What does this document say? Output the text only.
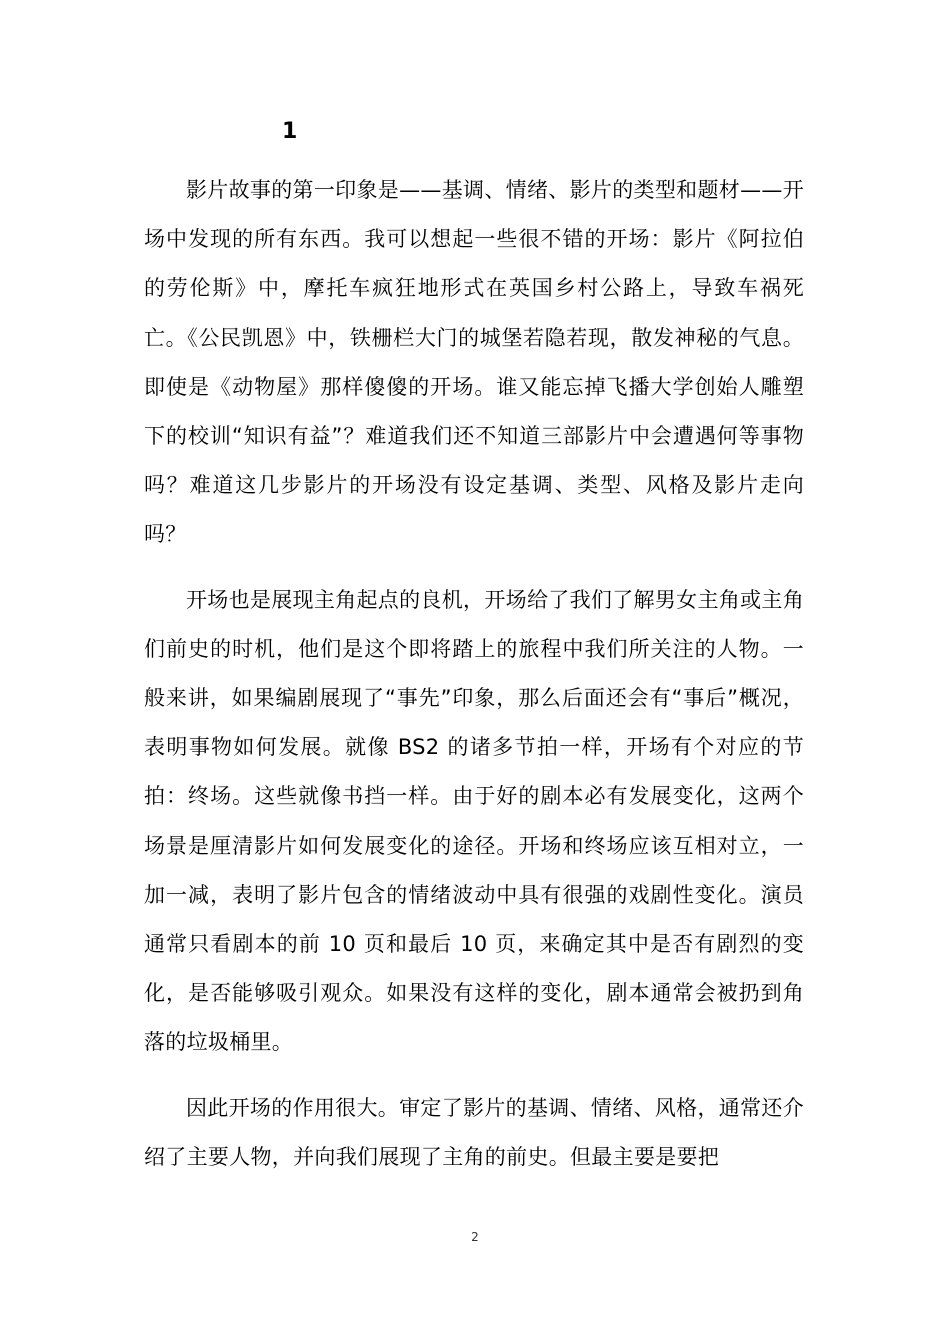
1

影片故事的第一印象是——基调、情绪、影片的类型和题材——开场中发现的所有东西。我可以想起一些很不错的开场：影片《阿拉伯的劳伦斯》中，摩托车疯狂地形式在英国乡村公路上，导致车祸死亡。《公民凯恩》中，铁栅栏大门的城堡若隐若现，散发神秘的气息。即使是《动物屋》那样傻傻的开场。谁又能忘掉飞播大学创始人雕塑下的校训“知识有益”？难道我们还不知道三部影片中会遭遇何等事物吗？难道这几步影片的开场没有设定基调、类型、风格及影片走向吗？

开场也是展现主角起点的良机，开场给了我们了解男女主角或主角们前史的时机，他们是这个即将踏上的旅程中我们所关注的人物。一般来讲，如果编剧展现了“事先”印象，那么后面还会有“事后”概况，表明事物如何发展。就像 BS2 的诸多节拍一样，开场有个对应的节拍：终场。这些就像书挡一样。由于好的剧本必有发展变化，这两个场景是厘清影片如何发展变化的途径。开场和终场应该互相对立，一加一减，表明了影片包含的情绪波动中具有很强的戏剧性变化。演员通常只看剧本的前 10 页和最后 10 页，来确定其中是否有剧烈的变化，是否能够吸引观众。如果没有这样的变化，剧本通常会被扔到角落的垃圾桶里。

因此开场的作用很大。审定了影片的基调、情绪、风格，通常还介绍了主要人物，并向我们展现了主角的前史。但最主要是要把

2
